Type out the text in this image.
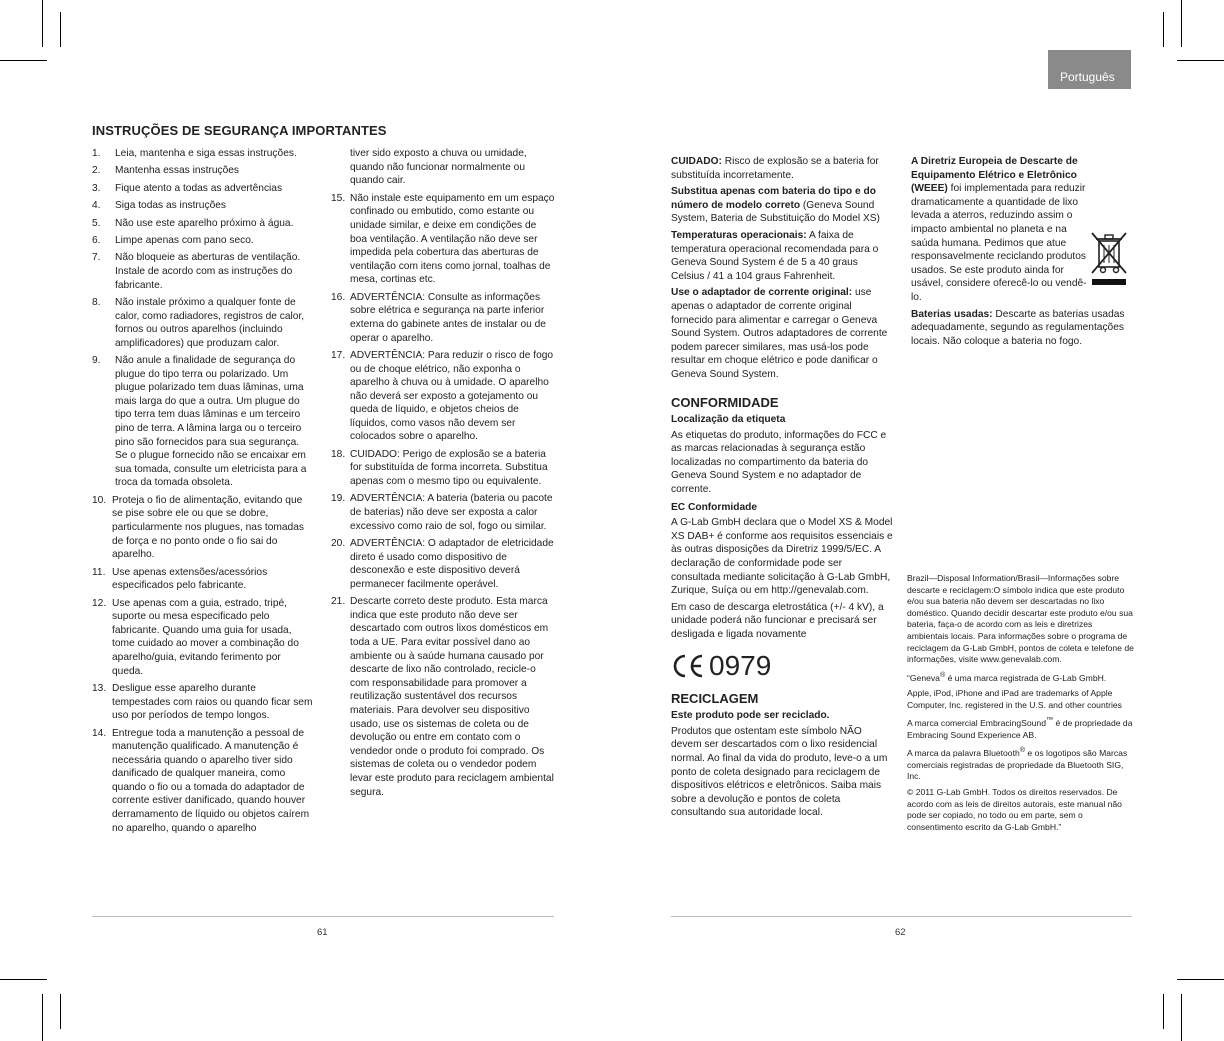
Português
INSTRUÇÕES DE SEGURANÇA IMPORTANTES
1.	Leia, mantenha e siga essas instruções.
2.	Mantenha essas instruções
3.	Fique atento a todas as advertências
4.	Siga todas as instruções
5.	Não use este aparelho próximo à água.
6.	Limpe apenas com pano seco.
7.	Não bloqueie as aberturas de ventilação. Instale de acordo com as instruções do fabricante.
8.	Não instale próximo a qualquer fonte de calor, como radiadores, registros de calor, fornos ou outros aparelhos (incluindo amplificadores) que produzam calor.
9.	Não anule a finalidade de segurança do plugue do tipo terra ou polarizado. Um plugue polarizado tem duas lâminas, uma mais larga do que a outra. Um plugue do tipo terra tem duas lâminas e um terceiro pino de terra. A lâmina larga ou o terceiro pino são fornecidos para sua segurança. Se o plugue fornecido não se encaixar em sua tomada, consulte um eletricista para a troca da tomada obsoleta.
10. Proteja o fio de alimentação, evitando que se pise sobre ele ou que se dobre, particularmente nos plugues, nas tomadas de força e no ponto onde o fio sai do aparelho.
11. Use apenas extensões/acessórios especificados pelo fabricante.
12. Use apenas com a guia, estrado, tripé, suporte ou mesa especificado pelo fabricante. Quando uma guia for usada, tome cuidado ao mover a combinação do aparelho/guia, evitando ferimento por queda.
13. Desligue esse aparelho durante tempestades com raios ou quando ficar sem uso por períodos de tempo longos.
14. Entregue toda a manutenção a pessoal de manutenção qualificado. A manutenção é necessária quando o aparelho tiver sido danificado de qualquer maneira, como quando o fio ou a tomada do adaptador de corrente estiver danificado, quando houver derramamento de líquido ou objetos caírem no aparelho, quando o aparelho

tiver sido exposto a chuva ou umidade, quando não funcionar normalmente ou quando cair.

15. Não instale este equipamento em um espaço confinado ou embutido, como estante ou unidade similar, e deixe em condições de boa ventilação. A ventilação não deve ser impedida pela cobertura das aberturas de ventilação com itens como jornal, toalhas de mesa, cortinas etc.
16. ADVERTÊNCIA: Consulte as informações sobre elétrica e segurança na parte inferior externa do gabinete antes de instalar ou de operar o aparelho.
17. ADVERTÊNCIA: Para reduzir o risco de fogo ou de choque elétrico, não exponha o aparelho à chuva ou à umidade. O aparelho não deverá ser exposto a gotejamento ou queda de líquido, e objetos cheios de líquidos, como vasos não devem ser colocados sobre o aparelho.
18. CUIDADO: Perigo de explosão se a bateria for substituída de forma incorreta. Substitua apenas com o mesmo tipo ou equivalente.
19. ADVERTÊNCIA: A bateria (bateria ou pacote de baterias) não deve ser exposta a calor excessivo como raio de sol, fogo ou similar.
20. ADVERTÊNCIA: O adaptador de eletricidade direto é usado como dispositivo de desconexão e este dispositivo deverá permanecer facilmente operável.
21. Descarte correto deste produto. Esta marca indica que este produto não deve ser descartado com outros lixos domésticos em toda a UE. Para evitar possível dano ao ambiente ou à saúde humana causado por descarte de lixo não controlado, recicle-o com responsabilidade para promover a reutilização sustentável dos recursos materiais. Para devolver seu dispositivo usado, use os sistemas de coleta ou de devolução ou entre em contato com o vendedor onde o produto foi comprado. Os sistemas de coleta ou o vendedor podem levar este produto para reciclagem ambiental segura.

CUIDADO: Risco de explosão se a bateria for substituída incorretamente.

Substitua apenas com bateria do tipo e do número de modelo correto (Geneva Sound System, Bateria de Substituição do Model XS)

Temperaturas operacionais: A faixa de temperatura operacional recomendada para o Geneva Sound System é de 5 a 40 graus Celsius / 41 a 104 graus Fahrenheit.

Use o adaptador de corrente original: use apenas o adaptador de corrente original fornecido para alimentar e carregar o Geneva Sound System. Outros adaptadores de corrente podem parecer similares, mas usá-los pode resultar em choque elétrico e pode danificar o Geneva Sound System.

CONFORMIDADE
Localização da etiqueta

As etiquetas do produto, informações do FCC e as marcas relacionadas à segurança estão localizadas no compartimento da bateria do Geneva Sound System e no adaptador de corrente.

EC Conformidade

A G-Lab GmbH declara que o Model XS & Model XS DAB+ é conforme aos requisitos essenciais e às outras disposições da Diretriz 1999/5/EC. A declaração de conformidade pode ser consultada mediante solicitação à G-Lab GmbH, Zurique, Suíça ou em http://genevalab.com.

Em caso de descarga eletrostática (+/- 4 kV), a unidade poderá não funcionar e precisará ser desligada e ligada novamente

0979
RECICLAGEM
Este produto pode ser reciclado.

Produtos que ostentam este símbolo NÃO devem ser descartados com o lixo residencial normal. Ao final da vida do produto, leve-o a um ponto de coleta designado para reciclagem de dispositivos elétricos e eletrônicos. Saiba mais sobre a devolução e pontos de coleta consultando sua autoridade local.

A Diretriz Europeia de Descarte de Equipamento Elétrico e Eletrônico (WEEE) foi implementada para reduzir dramaticamente a quantidade de lixo levada a aterros, reduzindo assim o impacto ambiental no planeta e na saúda humana. Pedimos que atue responsavelmente reciclando produtos usados. Se este produto ainda for usável, considere oferecê-lo ou vendê-lo.

Baterias usadas: Descarte as baterias usadas adequadamente, segundo as regulamentações locais. Não coloque a bateria no fogo.

Brazil—Disposal Information/Brasil—Informações sobre descarte e reciclagem:O símbolo indica que este produto e/ou sua bateria não devem ser descartadas no lixo doméstico. Quando decidir descartar este produto e/ou sua bateria, faça-o de acordo com as leis e diretrizes ambientais locais. Para informações sobre o programa de reciclagem da G-Lab GmbH, pontos de coleta e telefone de informações, visite www.genevalab.com.

“Geneva® é uma marca registrada de G-Lab GmbH.

Apple, iPod, iPhone and iPad are trademarks of Apple Computer, Inc. registered in the U.S. and other countries

A marca comercial EmbracingSound™ é de propriedade da Embracing Sound Experience AB.

A marca da palavra Bluetooth® e os logotipos são Marcas comerciais registradas de propriedade da Bluetooth SIG, Inc.

© 2011 G-Lab GmbH. Todos os direitos reservados. De acordo com as leis de direitos autorais, este manual não pode ser copiado, no todo ou em parte, sem o consentimento escrito da G-Lab GmbH.”

61	62
